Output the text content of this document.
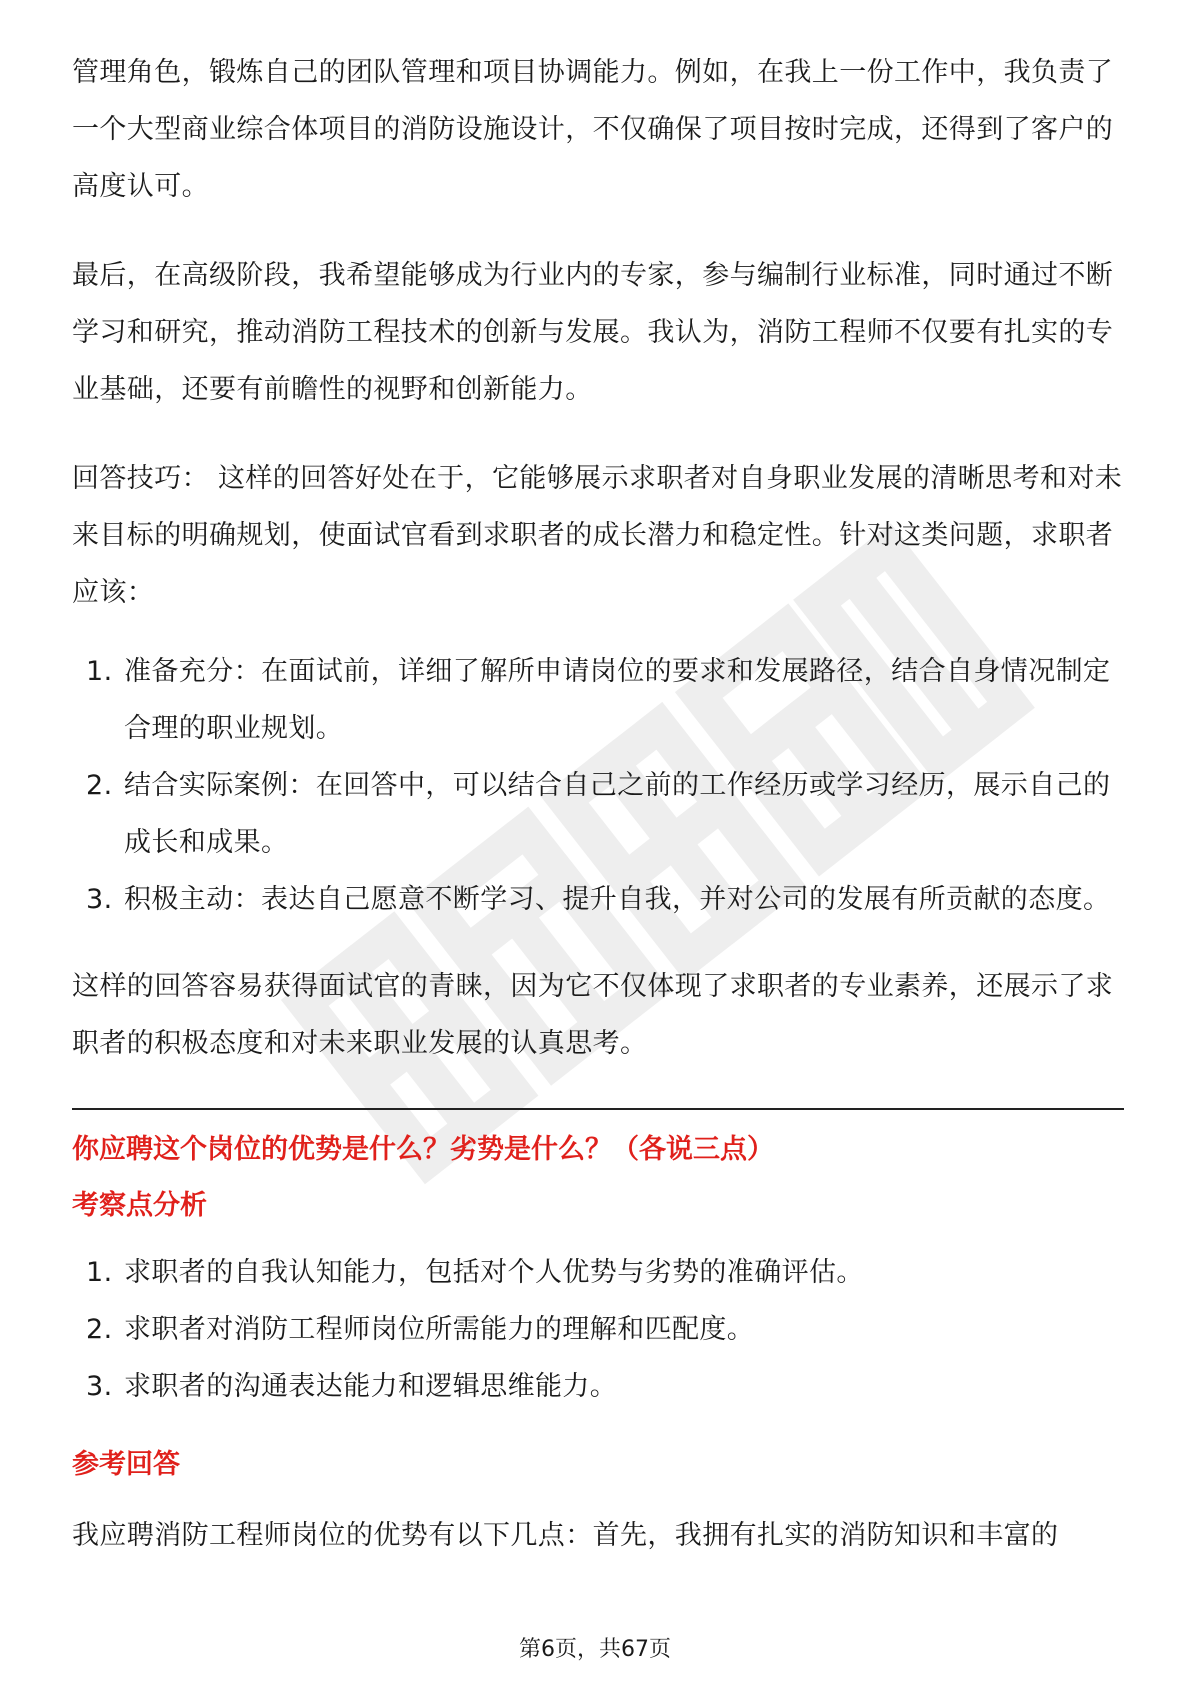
管理角色，锻炼自己的团队管理和项目协调能力。例如，在我上一份工作中，我负责了一个大型商业综合体项目的消防设施设计，不仅确保了项目按时完成，还得到了客户的高度认可。

最后，在高级阶段，我希望能够成为行业内的专家，参与编制行业标准，同时通过不断学习和研究，推动消防工程技术的创新与发展。我认为，消防工程师不仅要有扎实的专业基础，还要有前瞻性的视野和创新能力。

回答技巧： 这样的回答好处在于，它能够展示求职者对自身职业发展的清晰思考和对未来目标的明确规划，使面试官看到求职者的成长潜力和稳定性。针对这类问题，求职者应该：

1. 准备充分：在面试前，详细了解所申请岗位的要求和发展路径，结合自身情况制定合理的职业规划。
2. 结合实际案例：在回答中，可以结合自己之前的工作经历或学习经历，展示自己的成长和成果。
3. 积极主动：表达自己愿意不断学习、提升自我，并对公司的发展有所贡献的态度。

这样的回答容易获得面试官的青睐，因为它不仅体现了求职者的专业素养，还展示了求职者的积极态度和对未来职业发展的认真思考。

你应聘这个岗位的优势是什么？劣势是什么？（各说三点）
考察点分析
1. 求职者的自我认知能力，包括对个人优势与劣势的准确评估。
2. 求职者对消防工程师岗位所需能力的理解和匹配度。
3. 求职者的沟通表达能力和逻辑思维能力。
参考回答
我应聘消防工程师岗位的优势有以下几点：首先，我拥有扎实的消防知识和丰富的
第6页，共67页
